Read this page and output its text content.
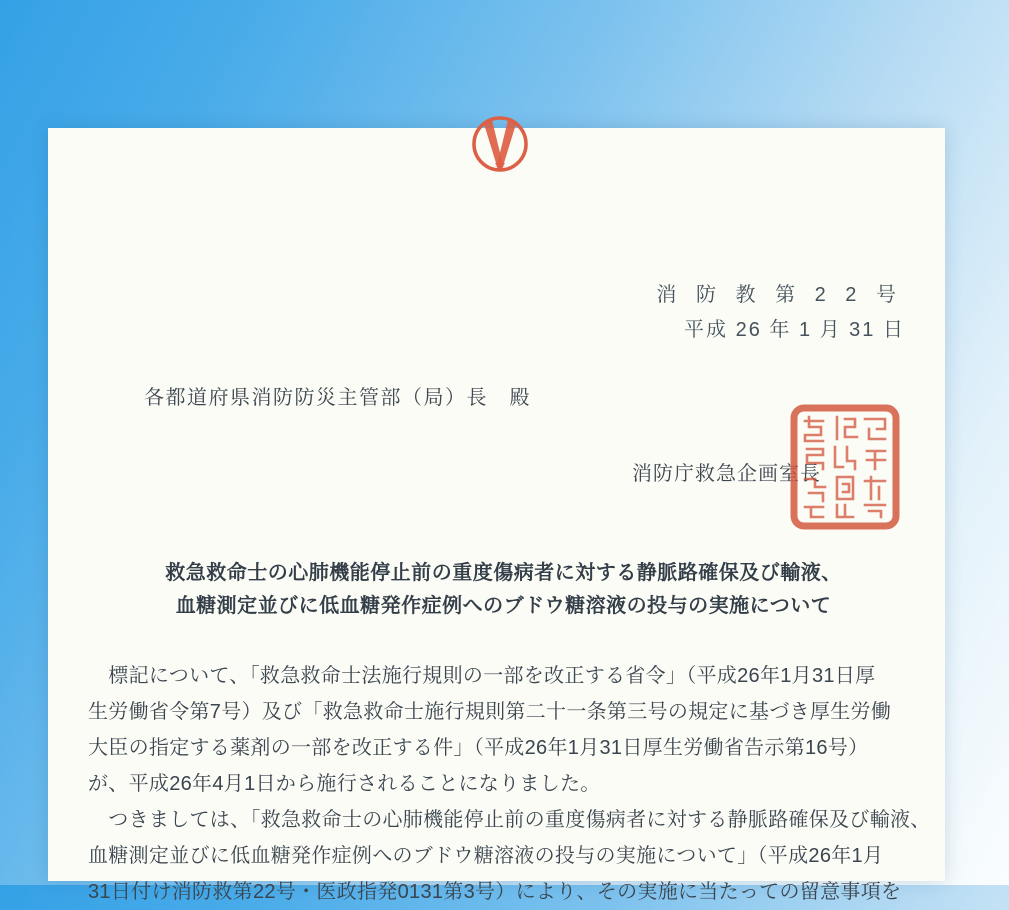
消 防 教 第 2 2 号
平成 26 年 1 月 31 日
各都道府県消防防災主管部（局）長　殿
消防庁救急企画室長
救急救命士の心肺機能停止前の重度傷病者に対する静脈路確保及び輸液、
血糖測定並びに低血糖発作症例へのブドウ糖溶液の投与の実施について
　標記について、「救急救命士法施行規則の一部を改正する省令」（平成26年1月31日厚
生労働省令第7号）及び「救急救命士施行規則第二十一条第三号の規定に基づき厚生労働
大臣の指定する薬剤の一部を改正する件」（平成26年1月31日厚生労働省告示第16号）
が、平成26年4月1日から施行されることになりました。
　つきましては、「救急救命士の心肺機能停止前の重度傷病者に対する静脈路確保及び輸液、
血糖測定並びに低血糖発作症例へのブドウ糖溶液の投与の実施について」（平成26年1月
31日付け消防救第22号・医政指発0131第3号）により、その実施に当たっての留意事項を
